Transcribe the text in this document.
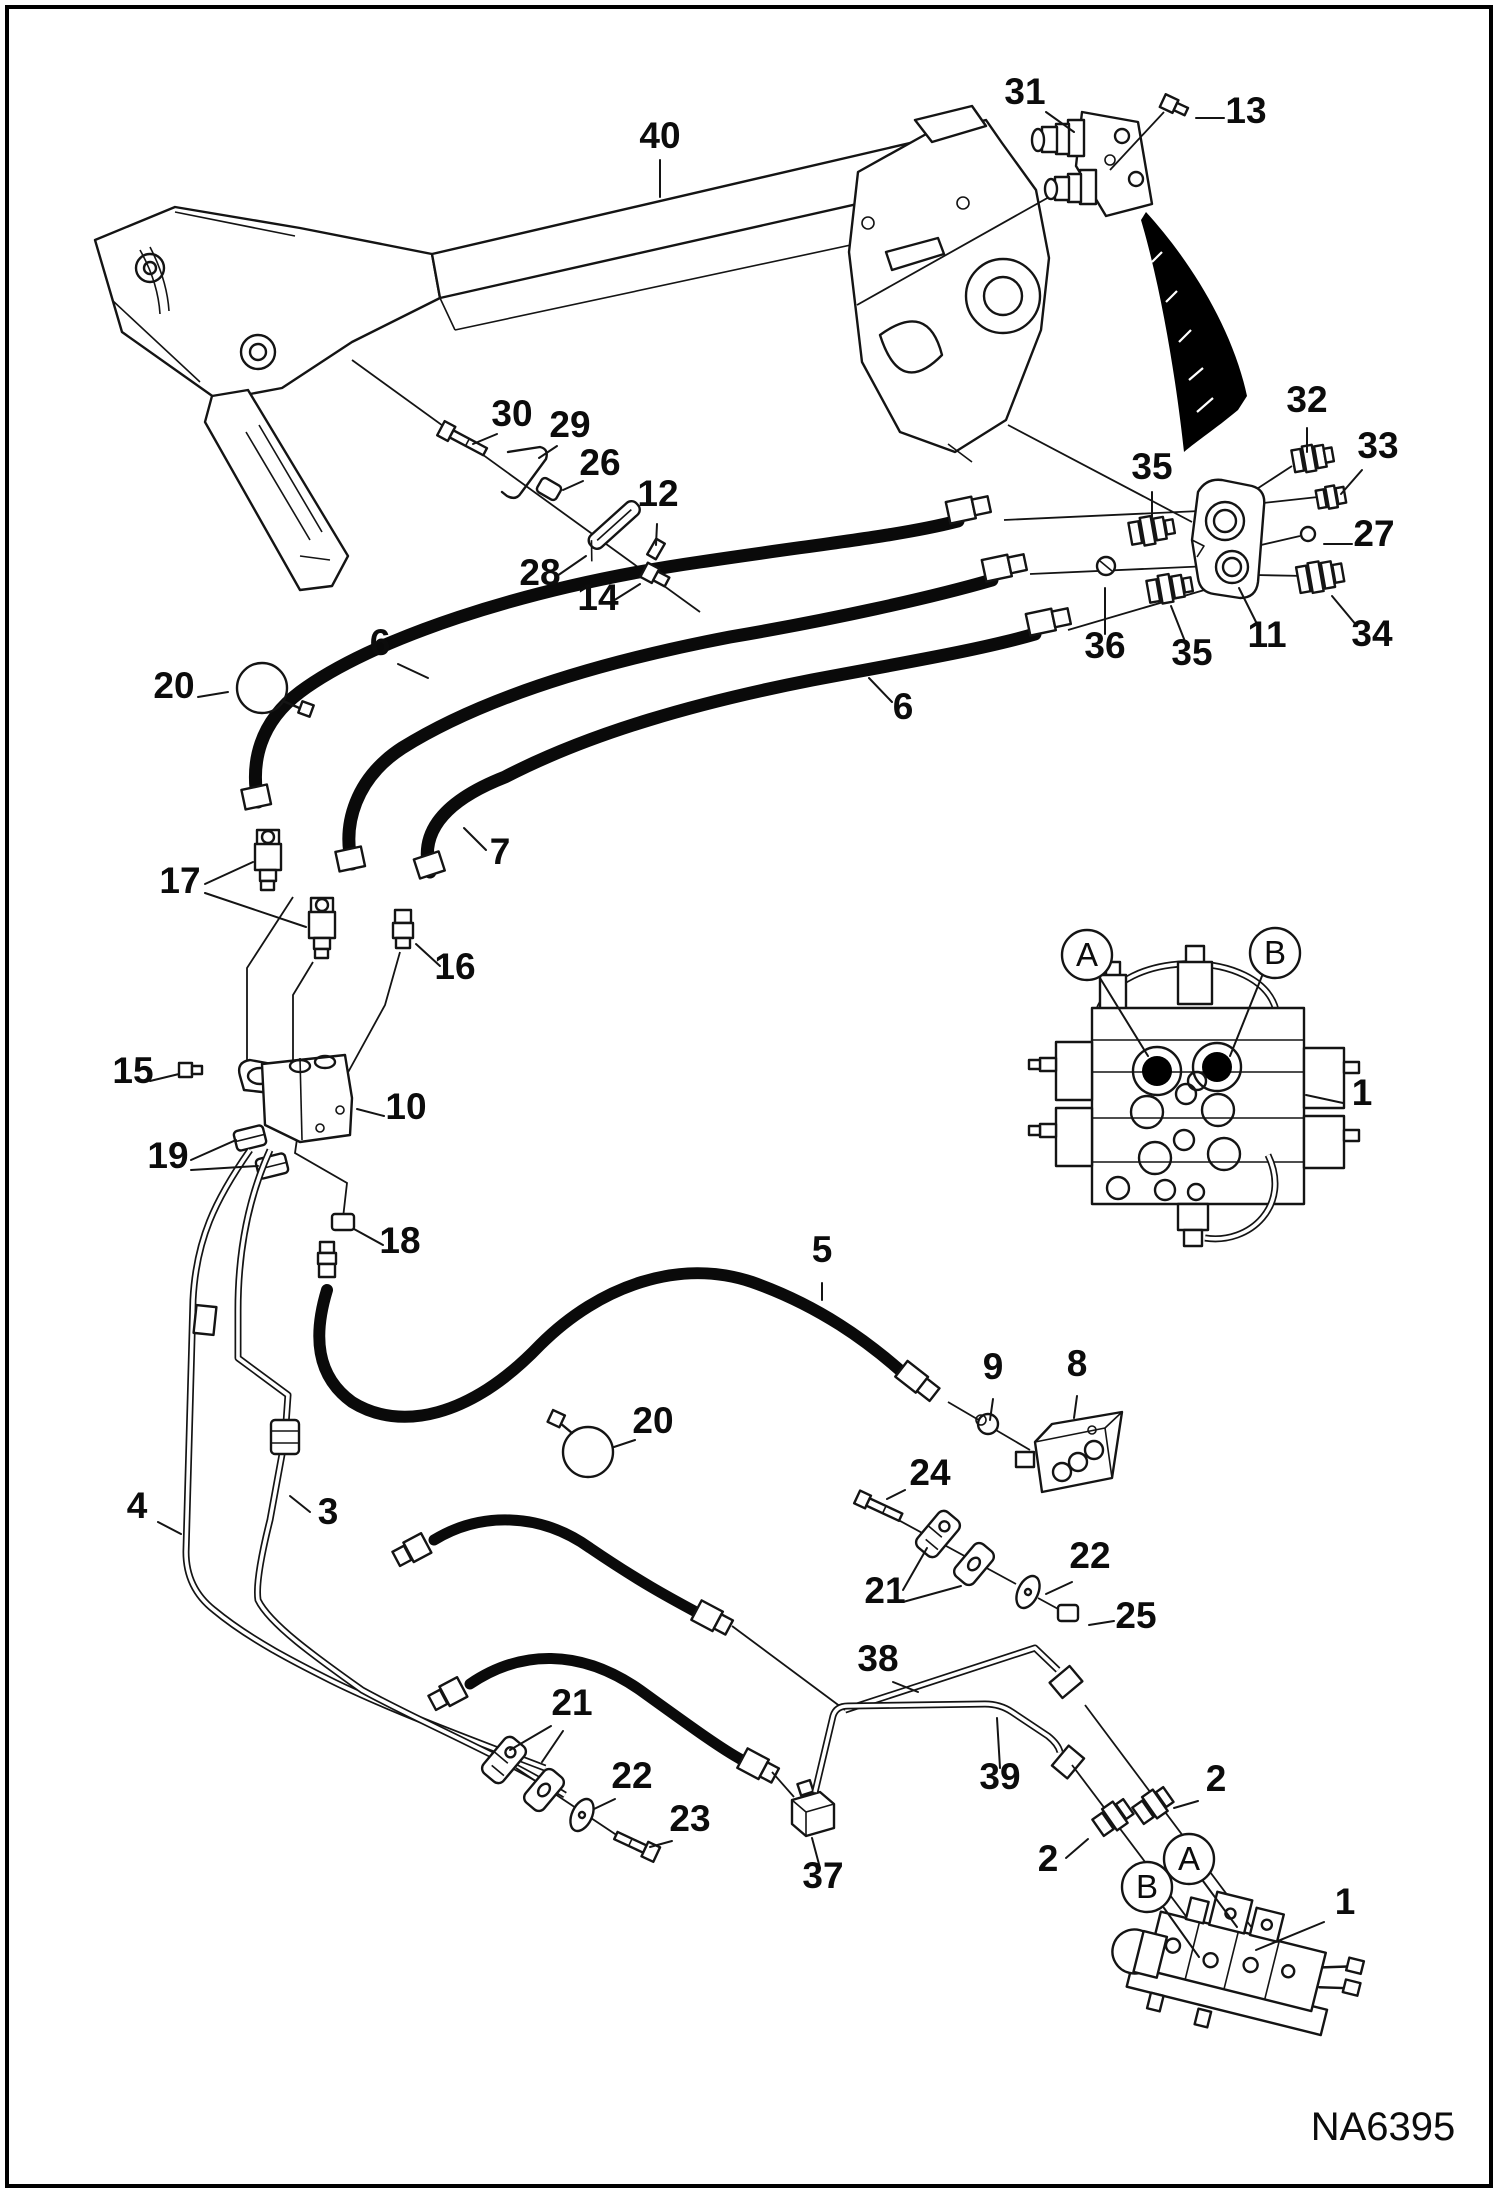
40
31	13
32
33
35
27
36 35 11 34
6
6
7
20
17
16
15
10
19
18
30 29
26
12
28
14
4	3
5
20
9 8
24
21
22
25
38
21
22
23
37
39
2
2
1
1
A	B
A
B
NA6395
